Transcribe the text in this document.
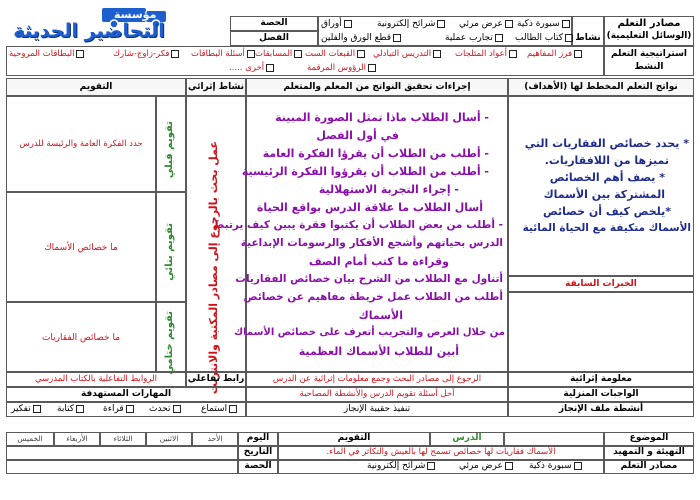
مؤسسة
التحاضير الحديثة	مصادر التعلم
(الوسائل التعليمية)
نشاط
سبورة ذكية
عرض مرئي
شرائح إلكترونية
أوراق
كتاب الطالب
تجارب عملية
قطع الورق والفلين
الحصة
الفصل
استراتيجية التعلم
النشط
فرز المفاهيم
أعواد المثلجات
التدريس التبادلي
القبعات الست
المسابقات
أسئلة البطاقات
فكر-زاوج-شارك
البطاقات المروحية
الرؤوس المرقمة
أخرى .....
نواتج التعلم المخطط لها (الأهداف)
إجراءات تحقيق النواتج من المعلم والمتعلم
نشاط إثرائي
التقويم
* يحدد خصائص الفقاريات التي
تميزها من اللافقاريات.
* يصف أهم الخصائص
المشتركة بين الأسماك
*يلخص كيف أن خصائص
الأسماك متكيفة مع الحياة المائية
الخبرات السابقة
- أسال الطلاب ماذا تمثل الصورة المبينة
في أول الفصل
- أطلب من الطلاب أن يقرؤا الفكرة العامة
- أطلب من الطلاب أن يقرؤوا الفكرة الرئيسية
- إجراء التجربة الاستهلالية
أسال الطلاب ما علاقة الدرس بواقع الحياة
- أطلب من بعض الطلاب أن يكتبوا فقرة يبين كيف يرتبط
الدرس بحياتهم وأشجع الأفكار والرسومات الإبداعية
وقراءة ما كتب أمام الصف
أتناول مع الطلاب من الشرح بيان خصائص الفقاريات
أطلب من الطلاب عمل خريطة مفاهيم عن خصائص
الأسماك
من خلال العرض والتجريب أتعرف على خصائص الأسماك
أبين للطلاب الأسماك العظمية
عمل بحث بالرجوع إلى مصادر المكتبة والانترنت
تقويم قبلي
حدد الفكرة العامة والرئيسة للدرس
تقويم بنائي
ما خصائص الأسماك
تقويم ختامي
ما خصائص الفقاريات
معلومة إثرائية
الرجوع إلى مصادر البحث وجمع معلومات إثرائية عن الدرس
رابط تفاعلي
الروابط التفاعلية بالكتاب المدرسي
الواجبات المنزلية
أحل أسئلة تقويم الدرس والأنشطة المصاحبة
المهارات المستهدفة
أنشطة ملف الإنجاز
تنفيذ حقيبة الإنجاز
استماع
تحدث
قراءة
كتابة
تفكير
الموضوع
الدرس
التقويم
اليوم
الأحد
الاثنين
الثلاثاء
الأربعاء
الخميس
التهيئة و التمهيد
الأسماك فقاريات لها خصائص تسمح لها بالعيش والتكاثر في الماء.
التاريخ
مصادر التعلم
سبورة ذكية
عرض مرئي
شرائح إلكترونية
الحصة
